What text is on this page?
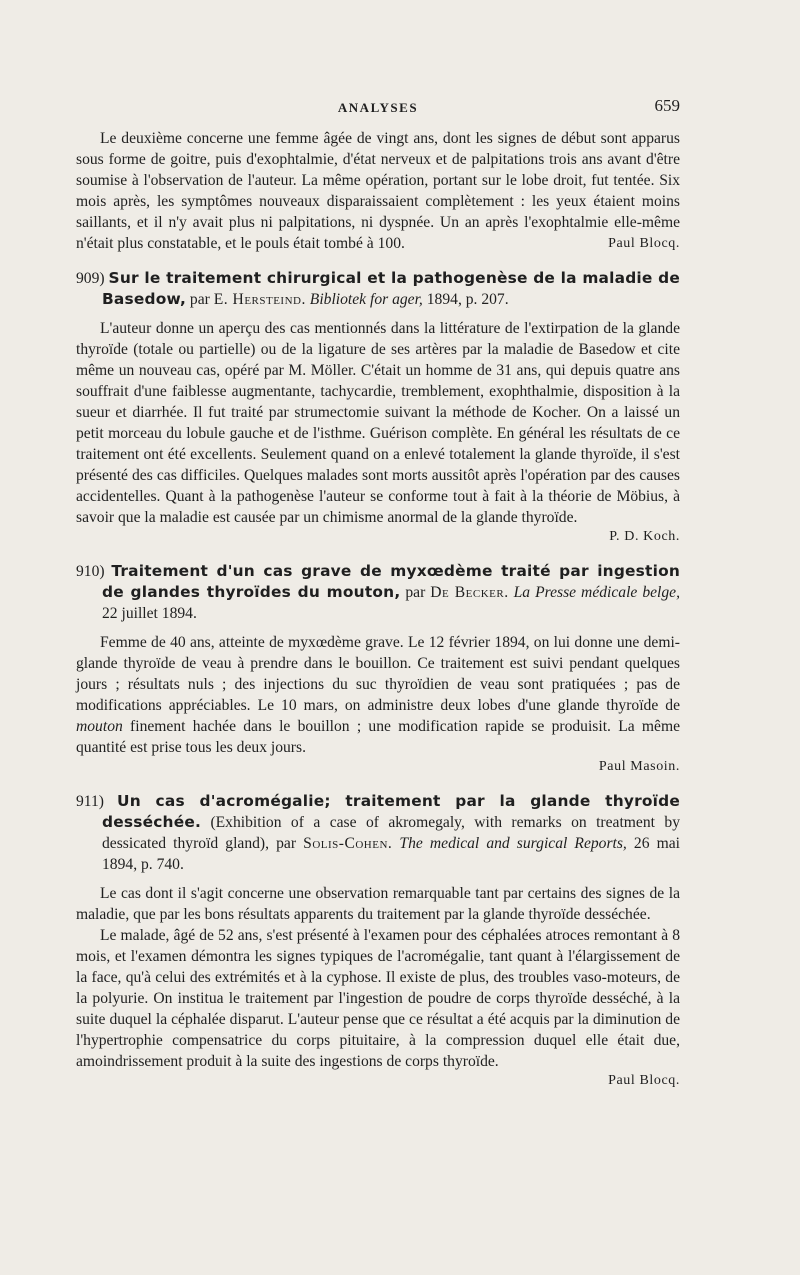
ANALYSES	659

Le deuxième concerne une femme âgée de vingt ans, dont les signes de début sont apparus sous forme de goitre, puis d'exophtalmie, d'état nerveux et de palpitations trois ans avant d'être soumise à l'observation de l'auteur. La même opération, portant sur le lobe droit, fut tentée. Six mois après, les symptômes nouveaux disparaissaient complètement : les yeux étaient moins saillants, et il n'y avait plus ni palpitations, ni dyspnée. Un an après l'exophtalmie elle-même n'était plus constatable, et le pouls était tombé à 100.	Paul Blocq.

909) Sur le traitement chirurgical et la pathogenèse de la maladie de Basedow, par E. Hersteind. Bibliotek for ager, 1894, p. 207.

L'auteur donne un aperçu des cas mentionnés dans la littérature de l'extirpation de la glande thyroïde (totale ou partielle) ou de la ligature de ses artères par la maladie de Basedow et cite même un nouveau cas, opéré par M. Möller. C'était un homme de 31 ans, qui depuis quatre ans souffrait d'une faiblesse augmentante, tachycardie, tremblement, exophthalmie, disposition à la sueur et diarrhée. Il fut traité par strumectomie suivant la méthode de Kocher. On a laissé un petit morceau du lobule gauche et de l'isthme. Guérison complète. En général les résultats de ce traitement ont été excellents. Seulement quand on a enlevé totalement la glande thyroïde, il s'est présenté des cas difficiles. Quelques malades sont morts aussitôt après l'opération par des causes accidentelles. Quant à la pathogenèse l'auteur se conforme tout à fait à la théorie de Möbius, à savoir que la maladie est causée par un chimisme anormal de la glande thyroïde.

P. D. Koch.

910) Traitement d'un cas grave de myxœdème traité par ingestion de glandes thyroïdes du mouton, par De Becker. La Presse médicale belge, 22 juillet 1894.

Femme de 40 ans, atteinte de myxœdème grave. Le 12 février 1894, on lui donne une demi-glande thyroïde de veau à prendre dans le bouillon. Ce traitement est suivi pendant quelques jours ; résultats nuls ; des injections du suc thyroïdien de veau sont pratiquées ; pas de modifications appréciables. Le 10 mars, on administre deux lobes d'une glande thyroïde de mouton finement hachée dans le bouillon ; une modification rapide se produisit. La même quantité est prise tous les deux jours.

Paul Masoin.

911) Un cas d'acromégalie; traitement par la glande thyroïde desséchée. (Exhibition of a case of akromegaly, with remarks on treatment by dessicated thyroïd gland), par Solis-Cohen. The medical and surgical Reports, 26 mai 1894, p. 740.

Le cas dont il s'agit concerne une observation remarquable tant par certains des signes de la maladie, que par les bons résultats apparents du traitement par la glande thyroïde desséchée.

Le malade, âgé de 52 ans, s'est présenté à l'examen pour des céphalées atroces remontant à 8 mois, et l'examen démontra les signes typiques de l'acromégalie, tant quant à l'élargissement de la face, qu'à celui des extrémités et à la cyphose. Il existe de plus, des troubles vaso-moteurs, de la polyurie. On institua le traitement par l'ingestion de poudre de corps thyroïde desséché, à la suite duquel la céphalée disparut. L'auteur pense que ce résultat a été acquis par la diminution de l'hypertrophie compensatrice du corps pituitaire, à la compression duquel elle était due, amoindrissement produit à la suite des ingestions de corps thyroïde.

Paul Blocq.
